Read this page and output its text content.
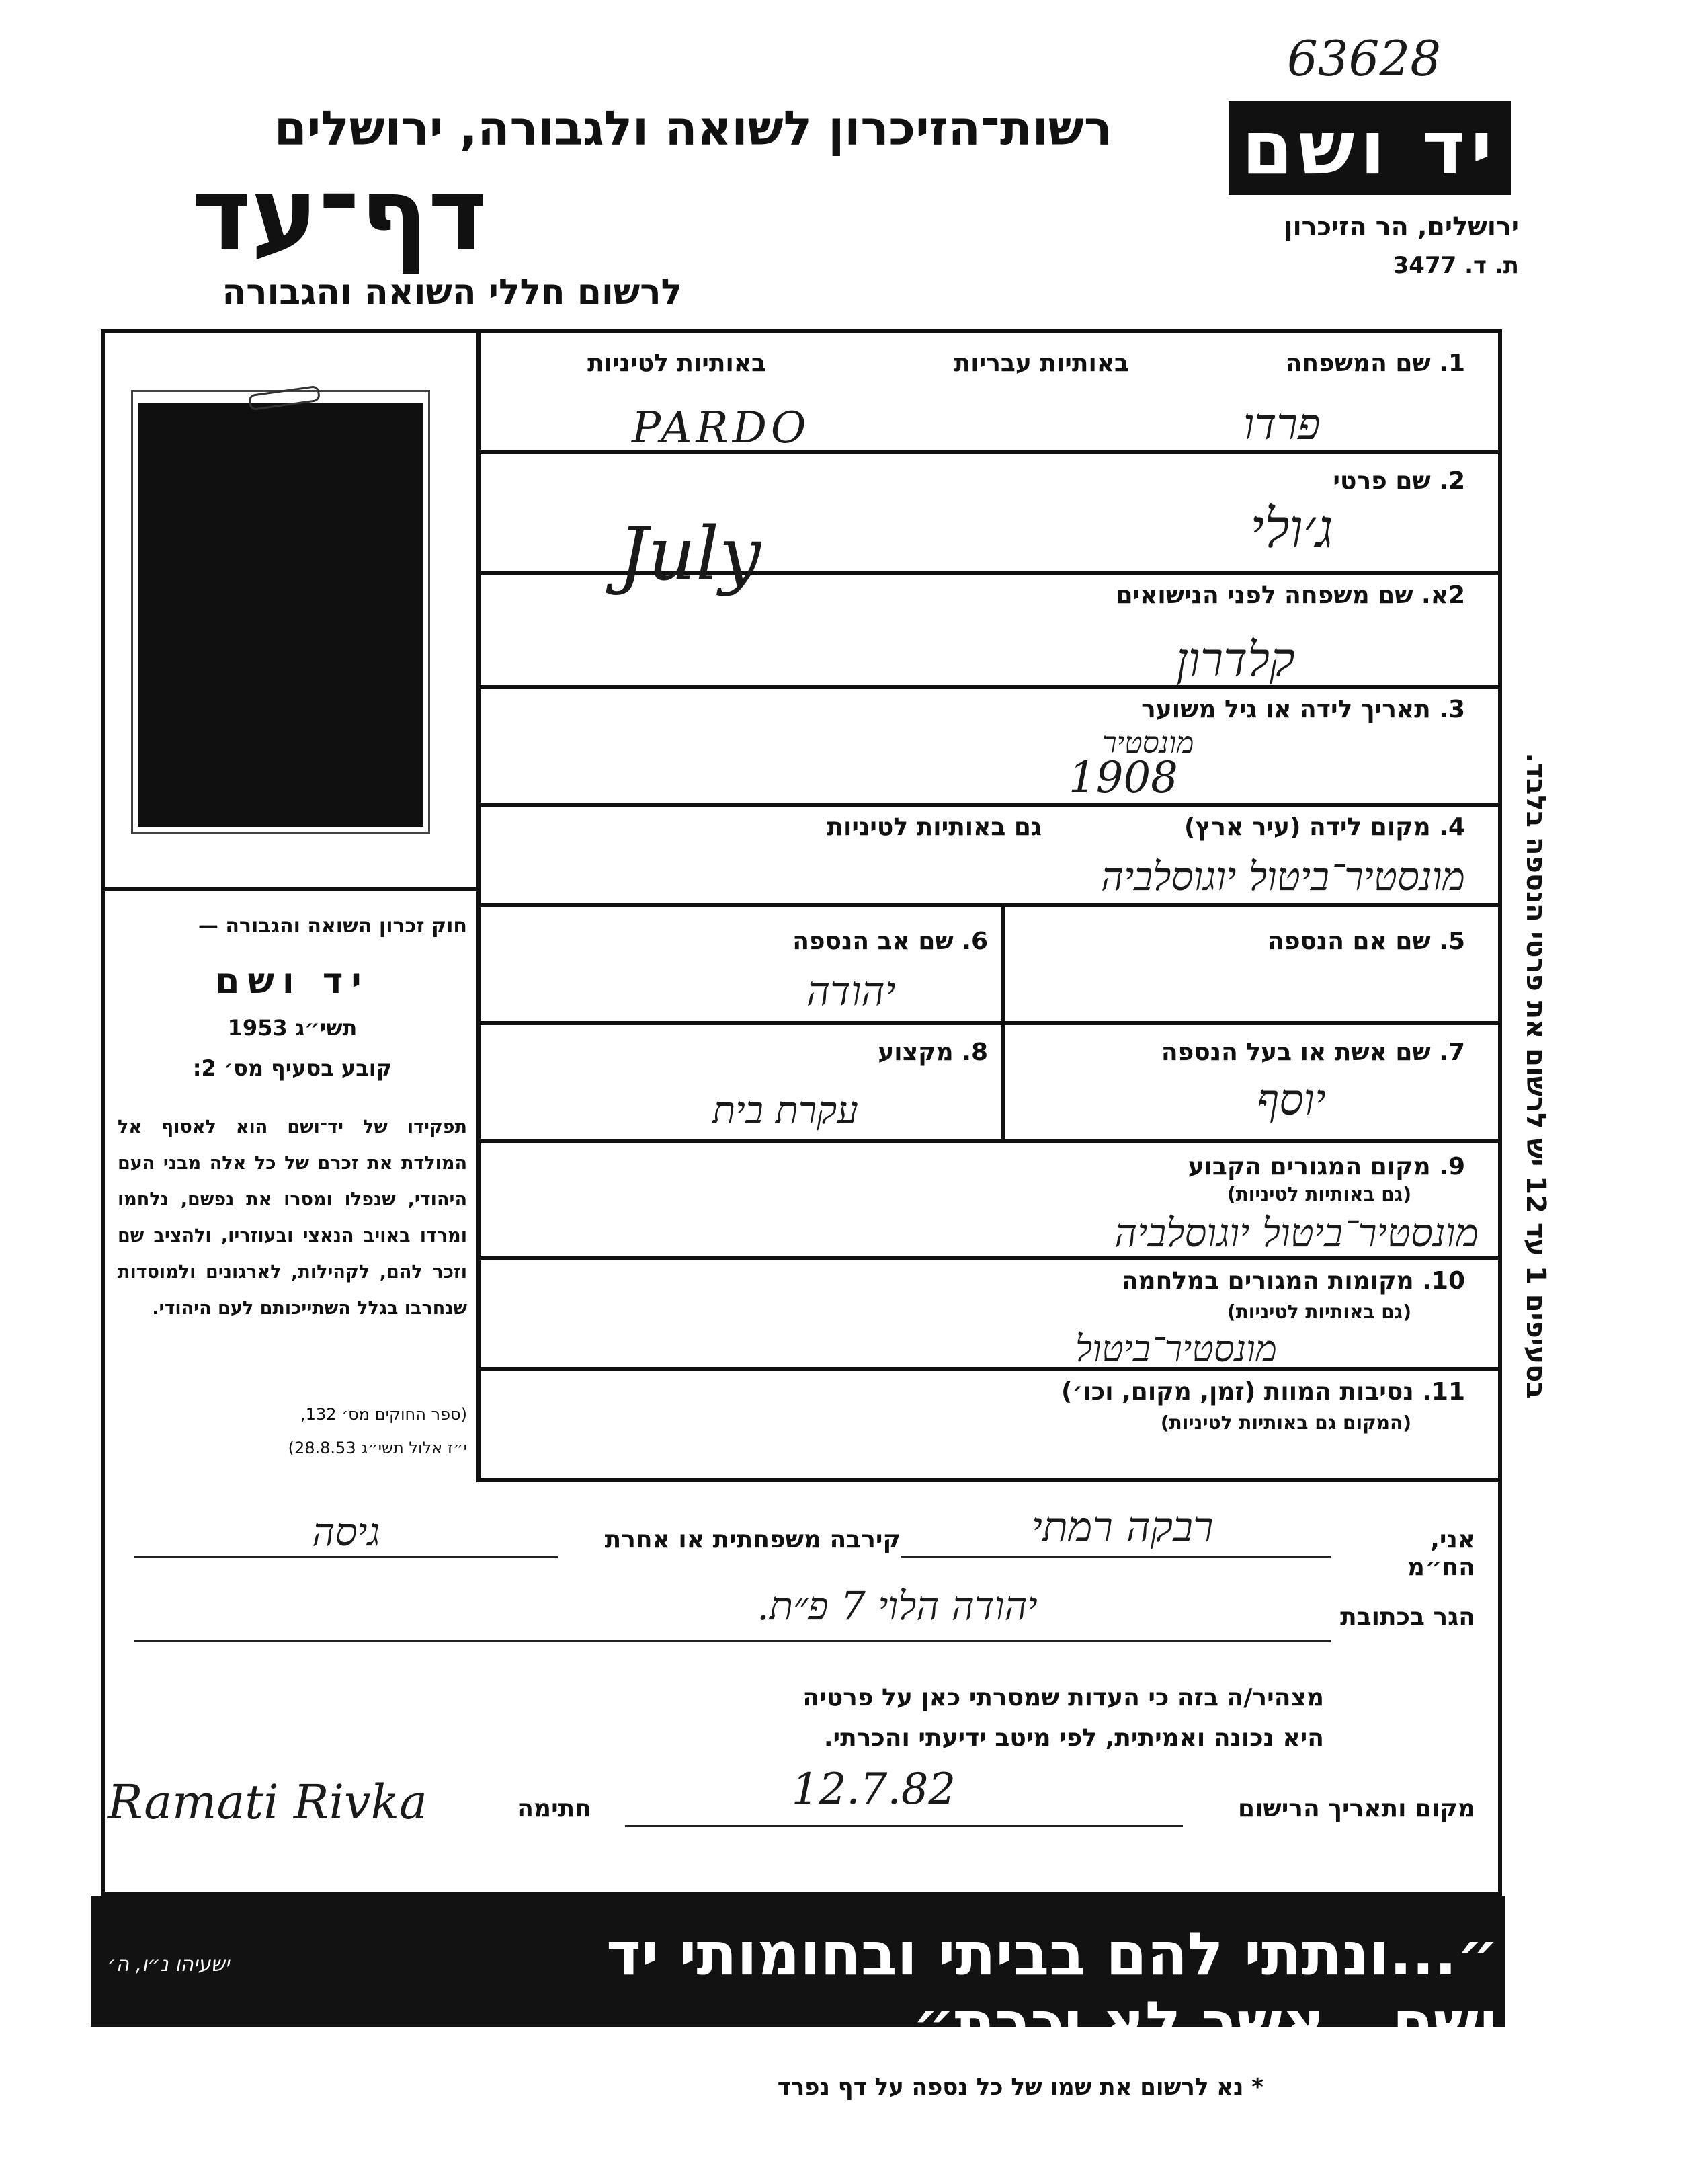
63628
יד ושם
ירושלים, הר הזיכרון
ת. ד. 3477
רשות־הזיכרון לשואה ולגבורה, ירושלים
דף־עד
לרשום חללי השואה והגבורה
חוק זכרון השואה והגבורה —
יד ושם
תשי״ג 1953
קובע בסעיף מס׳ 2:
תפקידו של יד־ושם הוא לאסוף אל המולדת את זכרם של כל אלה מבני העם היהודי, שנפלו ומסרו את נפשם, נלחמו ומרדו באויב הנאצי ובעוזריו, ולהציב שם וזכר להם, לקהילות, לארגונים ולמוסדות שנחרבו בגלל השתייכותם לעם היהודי.
(ספר החוקים מס׳ 132,
י״ז אלול תשי״ג 28.8.53)
1. שם המשפחה
באותיות עבריות
באותיות לטיניות
פרדו
PARDO
2. שם פרטי
ג׳ולי
July	2א. שם משפחה לפני הנישואים
קלדרון
3. תאריך לידה או גיל משוער
מונסטיר
1908
4. מקום לידה (עיר ארץ)
גם באותיות לטיניות
מונסטיר־ביטול יוגוסלביה
5. שם אם הנספה
6. שם אב הנספה
יהודה
7. שם אשת או בעל הנספה
8. מקצוע
יוסף
עקרת בית
9. מקום המגורים הקבוע
(גם באותיות לטיניות)
מונסטיר־ביטול יוגוסלביה
10. מקומות המגורים במלחמה
(גם באותיות לטיניות)
מונסטיר־ביטול
11. נסיבות המוות (זמן, מקום, וכו׳)
(המקום גם באותיות לטיניות)
אני, הח״מ
רבקה רמתי
קירבה משפחתית או אחרת
גיסה
הגר בכתובת
יהודה הלוי 7 פ״ת.
מצהיר/ה בזה כי העדות שמסרתי כאן על פרטיה
היא נכונה ואמיתית, לפי מיטב ידיעתי והכרתי.
מקום ותאריך הרישום
12.7.82
חתימה
Ramati Rivka
״...ונתתי להם בביתי ובחומותי יד ושם...אשר לא יכרת״
ישעיהו נ״ו, ה׳
בסעיפים 1 עד 12 יש לרשום את פרטי הנספה בלבד.
* נא לרשום את שמו של כל נספה על דף נפרד
